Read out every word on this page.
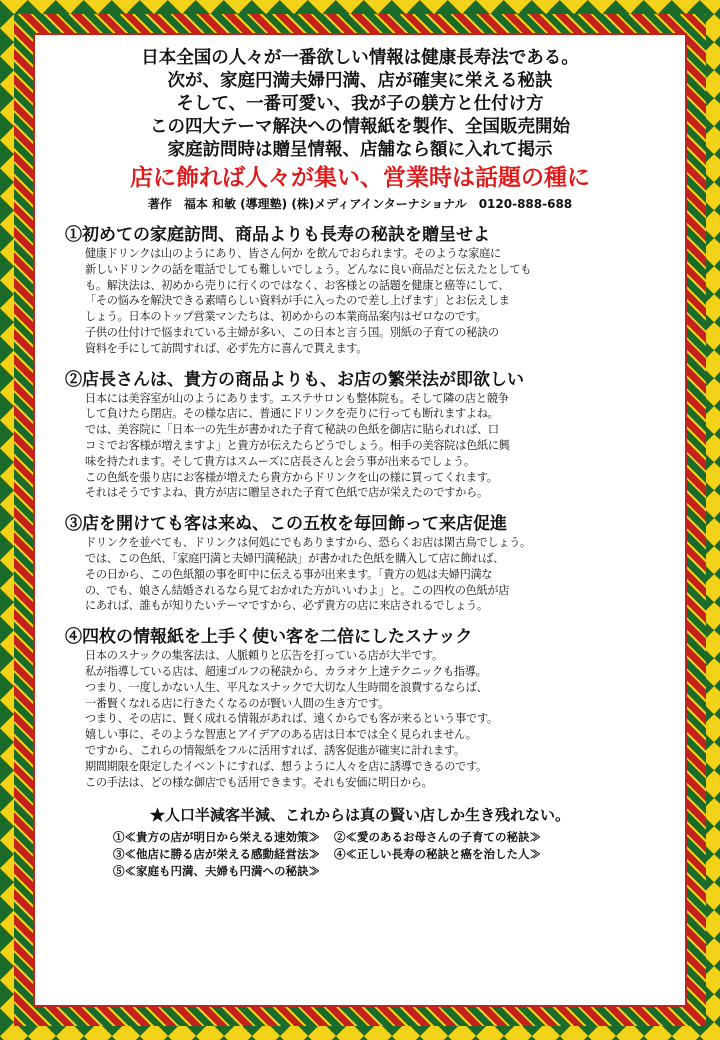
日本全国の人々が一番欲しい情報は健康長寿法である。
次が、家庭円満夫婦円満、店が確実に栄える秘訣
そして、一番可愛い、我が子の躾方と仕付け方
この四大テーマ解決への情報紙を製作、全国販売開始
家庭訪問時は贈呈情報、店舗なら額に入れて掲示
店に飾れば人々が集い、営業時は話題の種に
著作　福本 和敏 (導理塾) (株)メディアインターナショナル　0120-888-688
①初めての家庭訪問、商品よりも長寿の秘訣を贈呈せよ

健康ドリンクは山のようにあり、皆さん何か を飲んでおられます。そのような家庭に

新しいドリンクの話を電話でしても難しいでしょう。どんなに良い商品だと伝えたとしても

も。解決法は、初めから売りに行くのではなく、お客様との話題を健康と癌等にして、

「その悩みを解決できる素晴らしい資料が手に入ったので差し上げます」とお伝えしま

しょう。日本のトップ営業マンたちは、初めからの本業商品案内はゼロなのです。

子供の仕付けで悩まれている主婦が多い、この日本と言う国。別紙の子育ての秘訣の

資料を手にして訪問すれば、必ず先方に喜んで貰えます。

②店長さんは、貴方の商品よりも、お店の繁栄法が即欲しい

日本には美容室が山のようにあります。エステサロンも整体院も。そして隣の店と競争

して負けたら閉店。その様な店に、普通にドリンクを売りに行っても断れますよね。

では、美容院に「日本一の先生が書かれた子育て秘訣の色紙を御店に貼られれば、口

コミでお客様が増えますよ」と貴方が伝えたらどうでしょう。相手の美容院は色紙に興

味を持たれます。そして貴方はスムーズに店長さんと会う事が出来るでしょう。

この色紙を張り店にお客様が増えたら貴方からドリンクを山の様に買ってくれます。

それはそうですよね、貴方が店に贈呈された子育て色紙で店が栄えたのですから。

③店を開けても客は来ぬ、この五枚を毎回飾って来店促進

ドリンクを並べても、ドリンクは何処にでもありますから、恐らくお店は閑古鳥でしょう。

では、この色紙、「家庭円満と夫婦円満秘訣」が書かれた色紙を購入して店に飾れば、

その日から、この色紙額の事を町中に伝える事が出来ます。「貴方の処は夫婦円満な

の、でも、娘さん結婚されるなら見ておかれた方がいいわよ」と。この四枚の色紙が店

にあれば、誰もが知りたいテーマですから、必ず貴方の店に来店されるでしょう。

④四枚の情報紙を上手く使い客を二倍にしたスナック

日本のスナックの集客法は、人脈頼りと広告を打っている店が大半です。

私が指導している店は、超速ゴルフの秘訣から、カラオケ上達テクニックも指導。

つまり、一度しかない人生、平凡なスナックで大切な人生時間を浪費するならば、

一番賢くなれる店に行きたくなるのが賢い人間の生き方です。

つまり、その店に、賢く成れる情報があれば、遠くからでも客が来るという事です。

嬉しい事に、そのような智恵とアイデアのある店は日本では全く見られません。

ですから、これらの情報紙をフルに活用すれば、誘客促進が確実に計れます。

期間期限を限定したイベントにすれば、想うように人々を店に誘導できるのです。

この手法は、どの様な御店でも活用できます。それも安価に明日から。

★人口半減客半減、これからは真の賢い店しか生き残れない。
①≪貴方の店が明日から栄える速効策≫ ②≪愛のあるお母さんの子育ての秘訣≫
③≪他店に勝る店が栄える感動経営法≫ ④≪正しい長寿の秘訣と癌を治した人≫
⑤≪家庭も円満、夫婦も円満への秘訣≫
